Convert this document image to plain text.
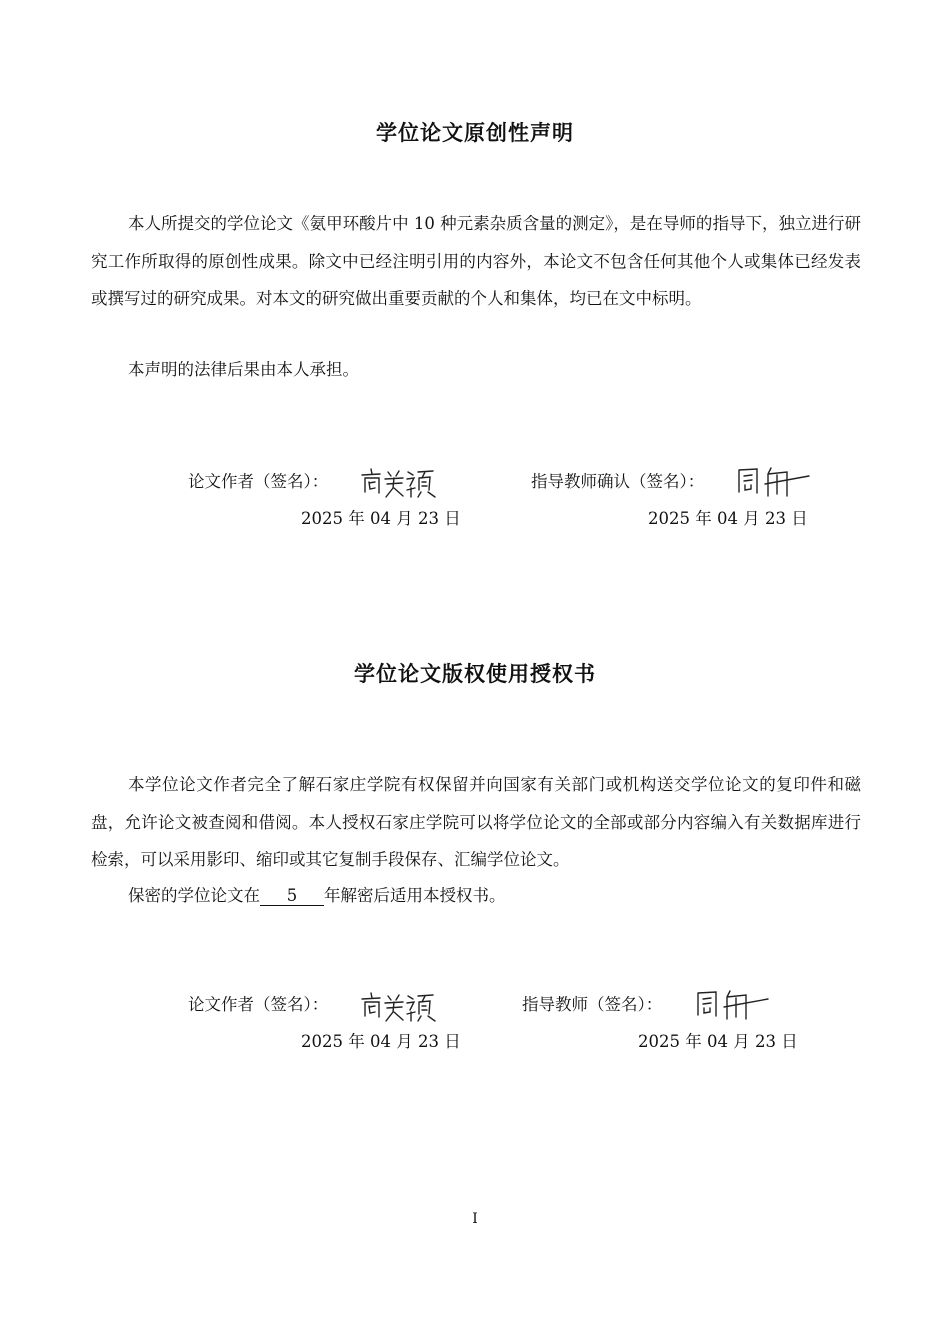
学位论文原创性声明

本人所提交的学位论文《氨甲环酸片中 10 种元素杂质含量的测定》，是在导师的指导下，独立进行研究工作所取得的原创性成果。除文中已经注明引用的内容外，本论文不包含任何其他个人或集体已经发表或撰写过的研究成果。对本文的研究做出重要贡献的个人和集体，均已在文中标明。

本声明的法律后果由本人承担。

论文作者（签名）：
2025 年 04 月 23 日
指导教师确认（签名）：
2025 年 04 月 23 日
学位论文版权使用授权书

本学位论文作者完全了解石家庄学院有权保留并向国家有关部门或机构送交学位论文的复印件和磁盘，允许论文被查阅和借阅。本人授权石家庄学院可以将学位论文的全部或部分内容编入有关数据库进行检索，可以采用影印、缩印或其它复制手段保存、汇编学位论文。

保密的学位论文在 5 年解密后适用本授权书。

论文作者（签名）：
2025 年 04 月 23 日
指导教师（签名）：
2025 年 04 月 23 日
I
